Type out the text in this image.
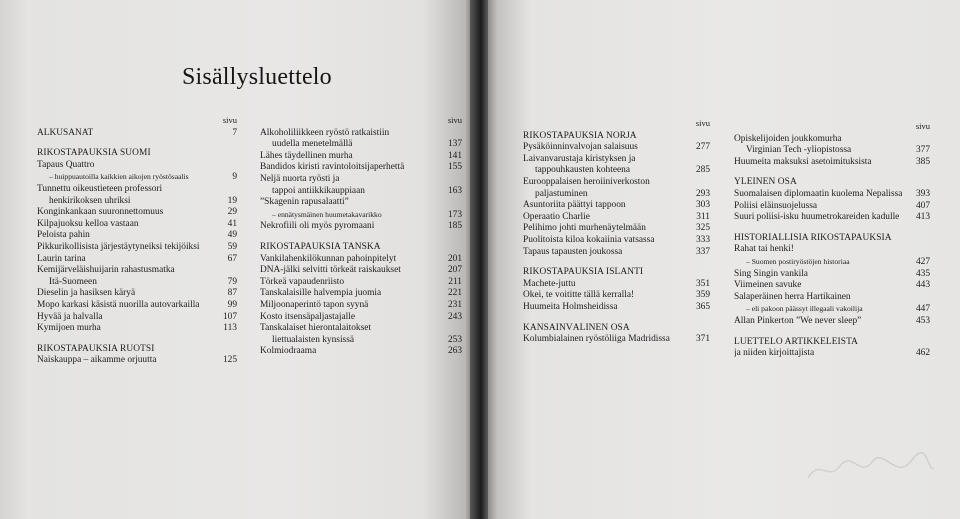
Sisällysluettelo
sivu
ALKUSANAT	7
RIKOSTAPAUKSIA SUOMI
Tapaus Quattro
– huippuautoilla kaikkien aikojen ryöstösaalis	9
Tunnettu oikeustieteen professori
henkirikoksen uhriksi	19
Konginkankaan suuronnettomuus	29
Kilpajuoksu kelloa vastaan	41
Peloista pahin	49
Pikkurikollisista järjestäytyneiksi tekijöiksi	59
Laurin tarina	67
Kemijärveläishuijarin rahastusmatka
Itä-Suomeen	79
Dieselin ja hasiksen käryä	87
Mopo karkasi käsistä nuorilla autovarkailla	99
Hyvää ja halvalla	107
Kymijoen murha	113
RIKOSTAPAUKSIA RUOTSI
Naiskauppa – aikamme orjuutta	125
sivu
Alkoholiliikkeen ryöstö ratkaistiin
uudella menetelmällä	137
Lähes täydellinen murha	141
Bandidos kiristi ravintoloitsijaperhettä	155
Neljä nuorta ryösti ja
tappoi antiikkikauppiaan	163
”Skagenin rapusalaatti”
– ennätysmäinen huumetakavarikko	173
Nekrofiili oli myös pyromaani	185
RIKOSTAPAUKSIA TANSKA
Vankilahenkilökunnan pahoinpitelyt	201
DNA-jälki selvitti törkeät raiskaukset	207
Törkeä vapaudenriisto	211
Tanskalaisille halvempia juomia	221
Miljoonaperintö tapon syynä	231
Kosto itsensäpaljastajalle	243
Tanskalaiset hierontalaitokset
liettualaisten kynsissä	253
Kolmiodraama	263
sivu
RIKOSTAPAUKSIA NORJA
Pysäköinninvalvojan salaisuus	277
Laivanvarustaja kiristyksen ja
tappouhkausten kohteena	285
Eurooppalaisen heroiiniverkoston
paljastuminen	293
Asuntoriita päättyi tappoon	303
Operaatio Charlie	311
Pelihimo johti murhenäytelmään	325
Puolitoista kiloa kokaiinia vatsassa	333
Tapaus tapausten joukossa	337
RIKOSTAPAUKSIA ISLANTI
Machete-juttu	351
Okei, te voititte tällä kerralla!	359
Huumeita Holmsheidissa	365
KANSAINVÄLINEN OSA
Kolumbialainen ryöstöliiga Madridissa	371
sivu
Opiskelijoiden joukkomurha
Virginian Tech -yliopistossa	377
Huumeita maksuksi asetoimituksista	385
YLEINEN OSA
Suomalaisen diplomaatin kuolema Nepalissa	393
Poliisi eläinsuojelussa	407
Suuri poliisi-isku huumetrokareiden kadulle	413
HISTORIALLISIA RIKOSTAPAUKSIA
Rahat tai henki!
– Suomen postiryöstöjen historiaa	427
Sing Singin vankila	435
Viimeinen savuke	443
Salaperäinen herra Hartikainen
– eli pakoon päässyt illegaali vakoilija	447
Allan Pinkerton ”We never sleep”	453
LUETTELO ARTIKKELEISTA
ja niiden kirjoittajista	462
